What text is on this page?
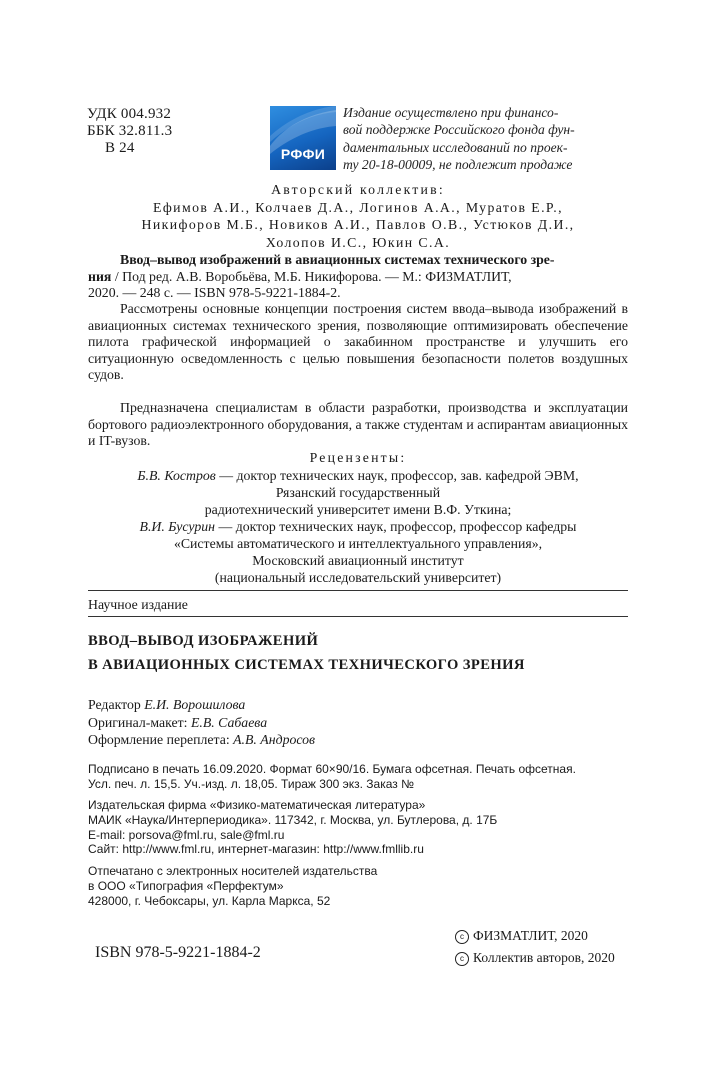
УДК 004.932
ББК 32.811.3
В 24	РФФИ
Издание осуществлено при финансо-
вой поддержке Российского фонда фун-
даментальных исследований по проек-
ту 20-18-00009, не подлежит продаже
Авторский коллектив:
Ефимов А.И., Колчаев Д.А., Логинов А.А., Муратов Е.Р.,
Никифоров М.Б., Новиков А.И., Павлов О.В., Устюков Д.И.,
Холопов И.С., Юкин С.А.
Ввод–вывод изображений в авиационных системах технического зре-
ния / Под ред. А.В. Воробьёва, М.Б. Никифорова. — М.: ФИЗМАТЛИТ,
2020. — 248 с. — ISBN 978-5-9221-1884-2.
Рассмотрены основные концепции построения систем ввода–вывода изображений в авиационных системах технического зрения, позволяющие оптимизировать обеспечение пилота графической информацией о закабинном пространстве и улучшить его ситуационную осведомленность с целью повышения безопасности полетов воздушных судов.
Предназначена специалистам в области разработки, производства и эксплуатации бортового радиоэлектронного оборудования, а также студентам и аспирантам авиационных и IT-вузов.
Рецензенты:
Б.В. Костров — доктор технических наук, профессор, зав. кафедрой ЭВМ,
Рязанский государственный
радиотехнический университет имени В.Ф. Уткина;
В.И. Бусурин — доктор технических наук, профессор, профессор кафедры
«Системы автоматического и интеллектуального управления»,
Московский авиационный институт
(национальный исследовательский университет)
Научное издание
ВВОД–ВЫВОД ИЗОБРАЖЕНИЙ
В АВИАЦИОННЫХ СИСТЕМАХ ТЕХНИЧЕСКОГО ЗРЕНИЯ
Редактор Е.И. Ворошилова
Оригинал-макет: Е.В. Сабаева
Оформление переплета: А.В. Андросов
Подписано в печать 16.09.2020. Формат 60×90/16. Бумага офсетная. Печать офсетная.
Усл. печ. л. 15,5. Уч.-изд. л. 18,05. Тираж 300 экз. Заказ №
Издательская фирма «Физико-математическая литература»
МАИК «Наука/Интерпериодика». 117342, г. Москва, ул. Бутлерова, д. 17Б
E-mail: porsova@fml.ru, sale@fml.ru
Сайт: http://www.fml.ru, интернет-магазин: http://www.fmllib.ru
Отпечатано с электронных носителей издательства
в ООО «Типография «Перфектум»
428000, г. Чебоксары, ул. Карла Маркса, 52
ISBN 978-5-9221-1884-2
c ФИЗМАТЛИТ, 2020
c Коллектив авторов, 2020
